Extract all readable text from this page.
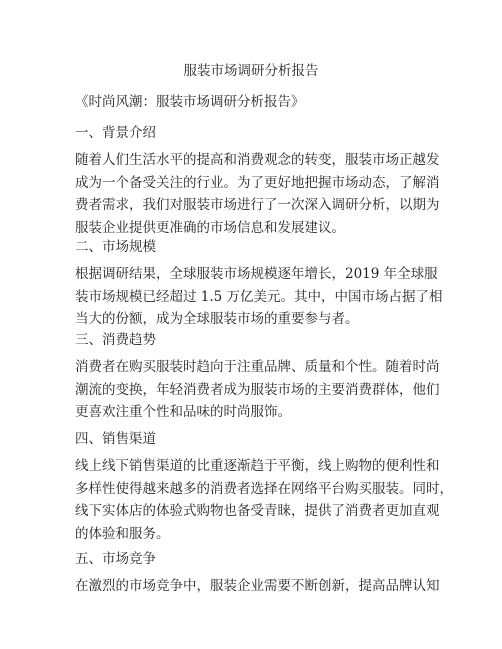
服装市场调研分析报告
《时尚风潮：服装市场调研分析报告》
一、背景介绍
随着人们生活水平的提高和消费观念的转变，服装市场正越发
成为一个备受关注的行业。为了更好地把握市场动态，了解消
费者需求，我们对服装市场进行了一次深入调研分析，以期为
服装企业提供更准确的市场信息和发展建议。
二、市场规模
根据调研结果，全球服装市场规模逐年增长，2019 年全球服
装市场规模已经超过 1.5 万亿美元。其中，中国市场占据了相
当大的份额，成为全球服装市场的重要参与者。
三、消费趋势
消费者在购买服装时趋向于注重品牌、质量和个性。随着时尚
潮流的变换，年轻消费者成为服装市场的主要消费群体，他们
更喜欢注重个性和品味的时尚服饰。
四、销售渠道
线上线下销售渠道的比重逐渐趋于平衡，线上购物的便利性和
多样性使得越来越多的消费者选择在网络平台购买服装。同时，
线下实体店的体验式购物也备受青睐，提供了消费者更加直观
的体验和服务。
五、市场竞争
在激烈的市场竞争中，服装企业需要不断创新，提高品牌认知
